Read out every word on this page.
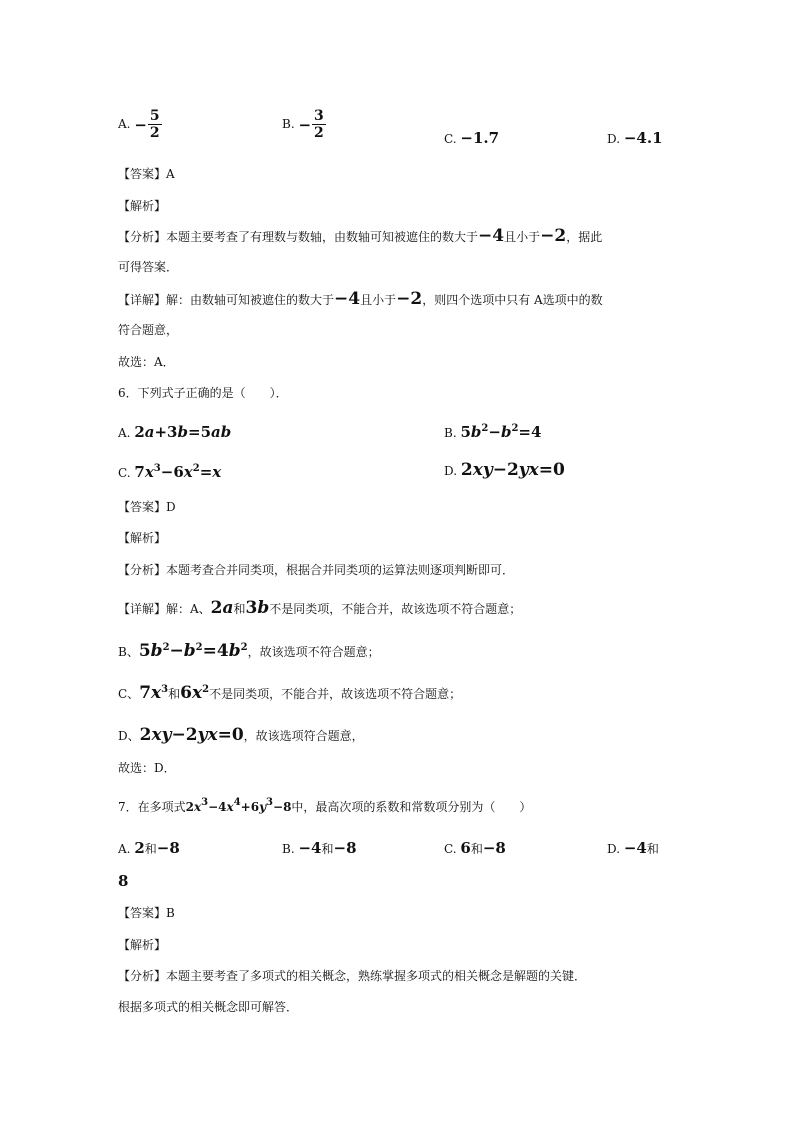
A. − $\frac{5}{2}$	B. − $\frac{3}{2}$	C. −1.7	D. −4.1
【答案】A
【解析】
【分析】本题主要考查了有理数与数轴，由数轴可知被遮住的数大于−4且小于−2，据此
可得答案．
【详解】解：由数轴可知被遮住的数大于−4且小于−2，则四个选项中只有 A选项中的数
符合题意，
故选：A．
6．下列式子正确的是（　　）．
A. 2a+3b=5ab	B. $5b^2-b^2=4$
C. $7x^3-6x^2=x$	D. 2xy−2yx=0
【答案】D
【解析】
【分析】本题考查合并同类项，根据合并同类项的运算法则逐项判断即可．
【详解】解：A、2a和3b不是同类项，不能合并，故该选项不符合题意；
B、$5b^2-b^2=4b^2$，故该选项不符合题意；
C、$7x^3$和$6x^2$不是同类项，不能合并，故该选项不符合题意；
D、2xy−2yx=0，故该选项符合题意，
故选：D．
7．在多项式$2x^3-4x^4+6y^3-8$中，最高次项的系数和常数项分别为（　　）
A. 2和−8	B. −4和−8	C. 6和−8	D. −4和
8
【答案】B
【解析】
【分析】本题主要考查了多项式的相关概念，熟练掌握多项式的相关概念是解题的关键．
根据多项式的相关概念即可解答．
